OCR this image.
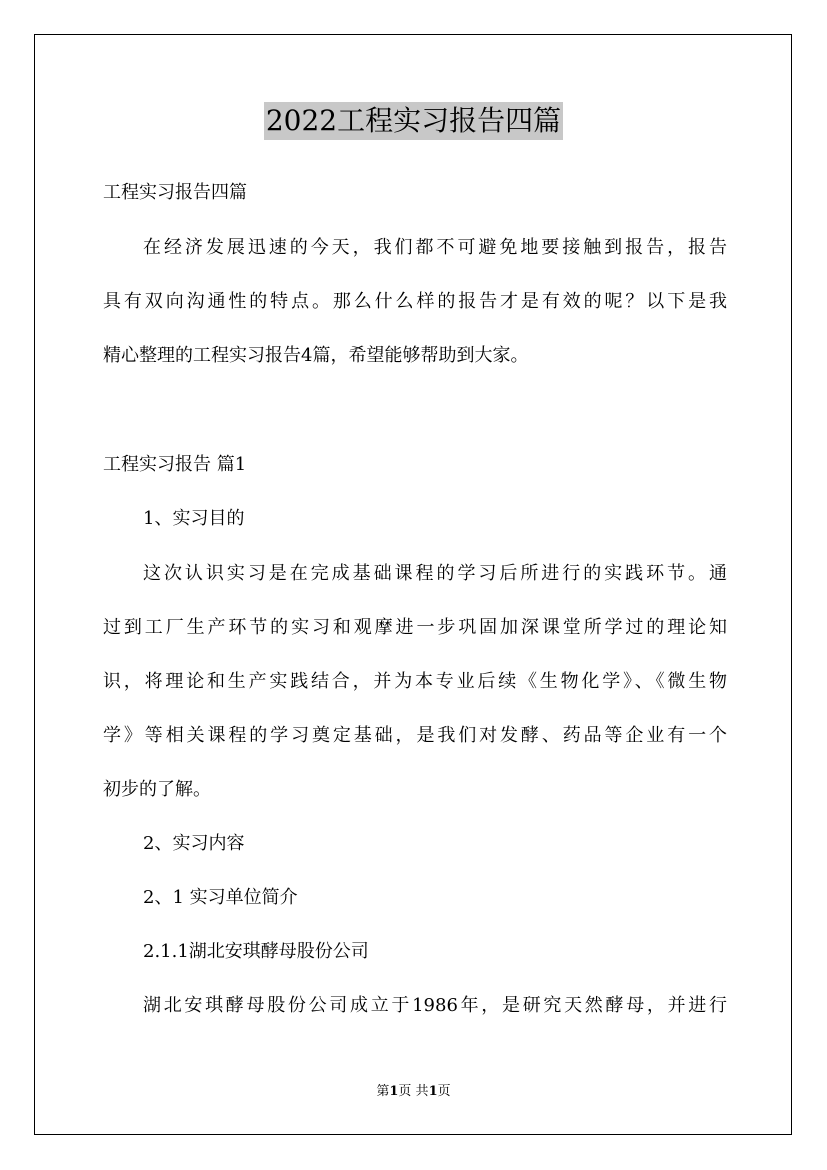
2022工程实习报告四篇
工程实习报告四篇
在经济发展迅速的今天，我们都不可避免地要接触到报告，报告
具有双向沟通性的特点。那么什么样的报告才是有效的呢？以下是我
精心整理的工程实习报告4篇，希望能够帮助到大家。
工程实习报告 篇1
1、实习目的
这次认识实习是在完成基础课程的学习后所进行的实践环节。通
过到工厂生产环节的实习和观摩进一步巩固加深课堂所学过的理论知
识，将理论和生产实践结合，并为本专业后续《生物化学》、《微生物
学》等相关课程的学习奠定基础，是我们对发酵、药品等企业有一个
初步的了解。
2、实习内容
2、1 实习单位简介
2.1.1湖北安琪酵母股份公司
湖北安琪酵母股份公司成立于1986年，是研究天然酵母，并进行
第1页 共1页
